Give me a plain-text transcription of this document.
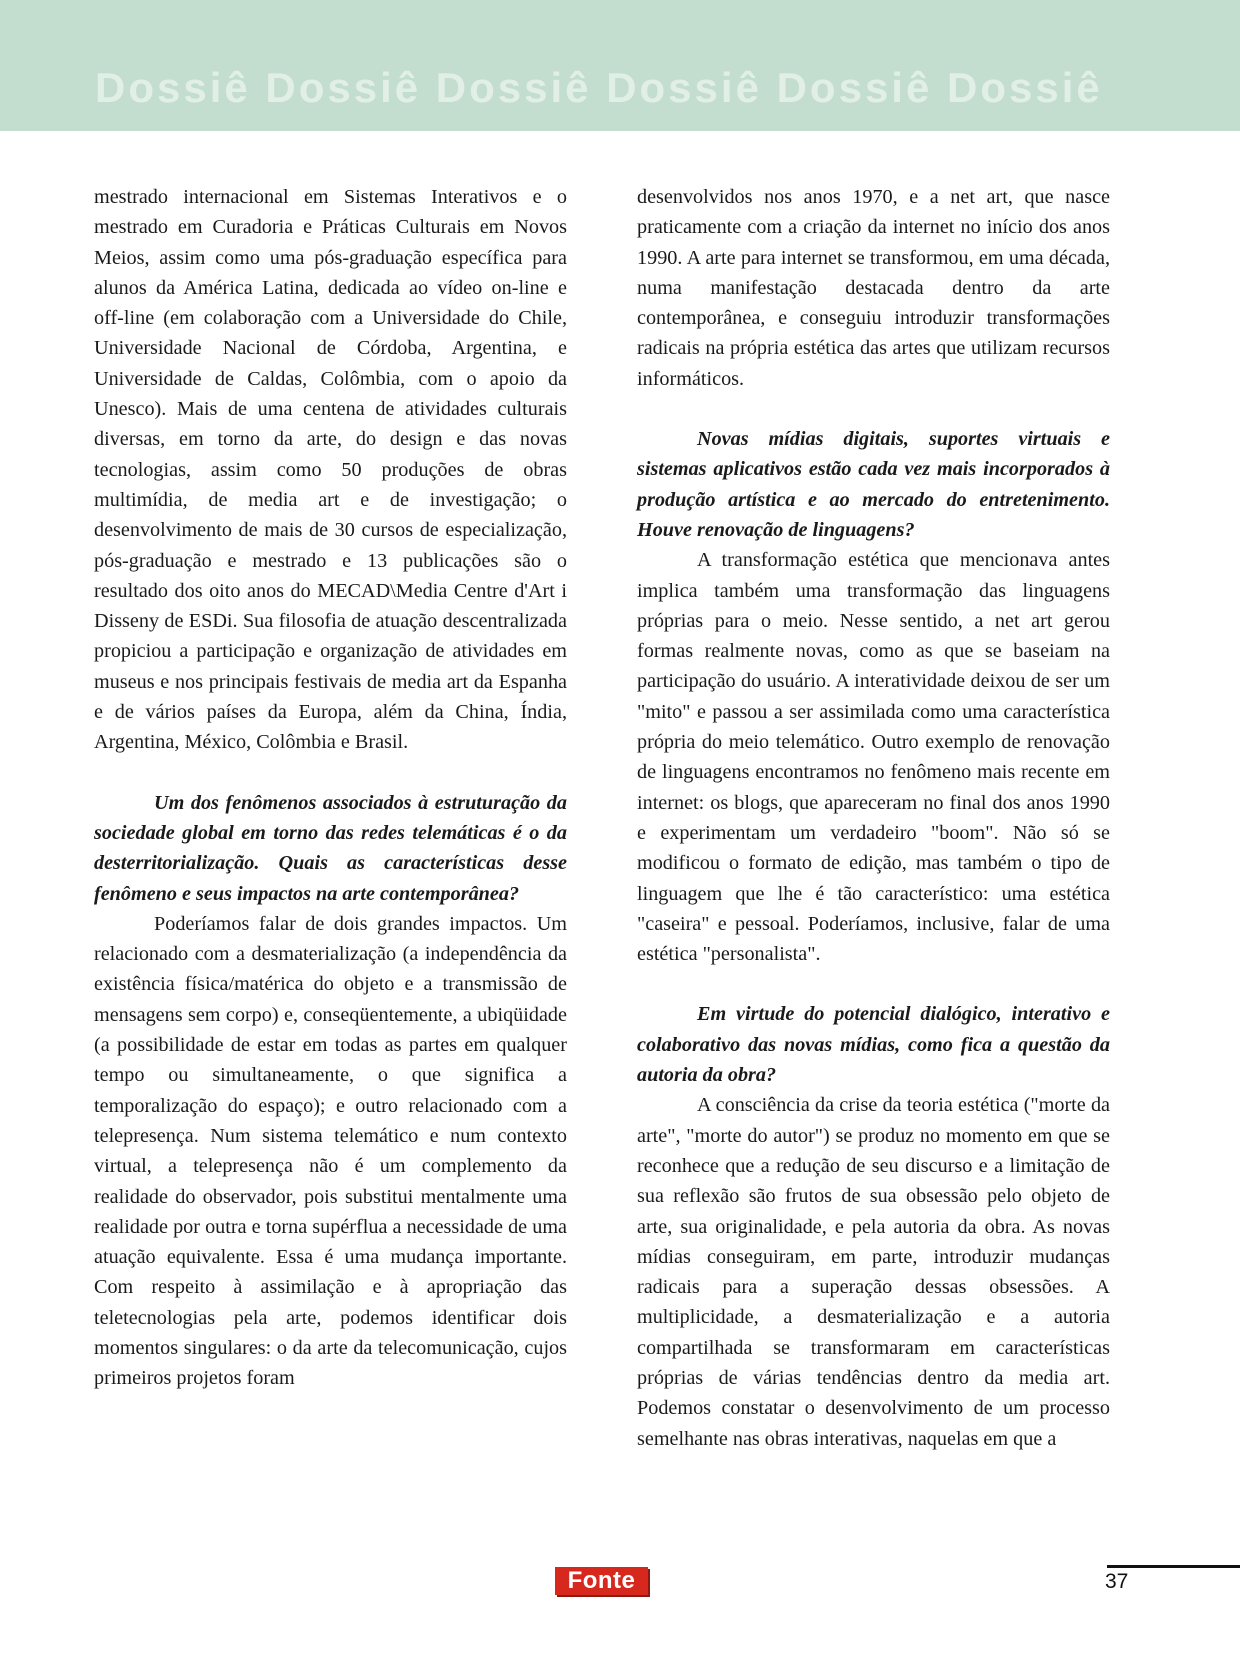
Dossiê Dossiê Dossiê Dossiê Dossiê Dossiê

mestrado internacional em Sistemas Interativos e o mestrado em Curadoria e Práticas Culturais em Novos Meios, assim como uma pós-graduação específica para alunos da América Latina, dedicada ao vídeo on-line e off-line (em colaboração com a Universidade do Chile, Universidade Nacional de Córdoba, Argentina, e Universidade de Caldas, Colômbia, com o apoio da Unesco). Mais de uma centena de atividades culturais diversas, em torno da arte, do design e das novas tecnologias, assim como 50 produções de obras multimídia, de media art e de investigação; o desenvolvimento de mais de 30 cursos de especialização, pós-graduação e mestrado e 13 publicações são o resultado dos oito anos do MECAD\Media Centre d'Art i Disseny de ESDi. Sua filosofia de atuação descentralizada propiciou a participação e organização de atividades em museus e nos principais festivais de media art da Espanha e de vários países da Europa, além da China, Índia, Argentina, México, Colômbia e Brasil.

Um dos fenômenos associados à estruturação da sociedade global em torno das redes telemáticas é o da desterritorialização. Quais as características desse fenômeno e seus impactos na arte contemporânea?

Poderíamos falar de dois grandes impactos. Um relacionado com a desmaterialização (a independência da existência física/matérica do objeto e a transmissão de mensagens sem corpo) e, conseqüentemente, a ubiqüidade (a possibilidade de estar em todas as partes em qualquer tempo ou simultaneamente, o que significa a temporalização do espaço); e outro relacionado com a telepresença. Num sistema telemático e num contexto virtual, a telepresença não é um complemento da realidade do observador, pois substitui mentalmente uma realidade por outra e torna supérflua a necessidade de uma atuação equivalente. Essa é uma mudança importante. Com respeito à assimilação e à apropriação das teletecnologias pela arte, podemos identificar dois momentos singulares: o da arte da telecomunicação, cujos primeiros projetos foram

desenvolvidos nos anos 1970, e a net art, que nasce praticamente com a criação da internet no início dos anos 1990. A arte para internet se transformou, em uma década, numa manifestação destacada dentro da arte contemporânea, e conseguiu introduzir transformações radicais na própria estética das artes que utilizam recursos informáticos.

Novas mídias digitais, suportes virtuais e sistemas aplicativos estão cada vez mais incorporados à produção artística e ao mercado do entretenimento. Houve renovação de linguagens?

A transformação estética que mencionava antes implica também uma transformação das linguagens próprias para o meio. Nesse sentido, a net art gerou formas realmente novas, como as que se baseiam na participação do usuário. A interatividade deixou de ser um "mito" e passou a ser assimilada como uma característica própria do meio telemático. Outro exemplo de renovação de linguagens encontramos no fenômeno mais recente em internet: os blogs, que apareceram no final dos anos 1990 e experimentam um verdadeiro "boom". Não só se modificou o formato de edição, mas também o tipo de linguagem que lhe é tão característico: uma estética "caseira" e pessoal. Poderíamos, inclusive, falar de uma estética "personalista".

Em virtude do potencial dialógico, interativo e colaborativo das novas mídias, como fica a questão da autoria da obra?

A consciência da crise da teoria estética ("morte da arte", "morte do autor") se produz no momento em que se reconhece que a redução de seu discurso e a limitação de sua reflexão são frutos de sua obsessão pelo objeto de arte, sua originalidade, e pela autoria da obra. As novas mídias conseguiram, em parte, introduzir mudanças radicais para a superação dessas obsessões. A multiplicidade, a desmaterialização e a autoria compartilhada se transformaram em características próprias de várias tendências dentro da media art. Podemos constatar o desenvolvimento de um processo semelhante nas obras interativas, naquelas em que a

Fonte	37
